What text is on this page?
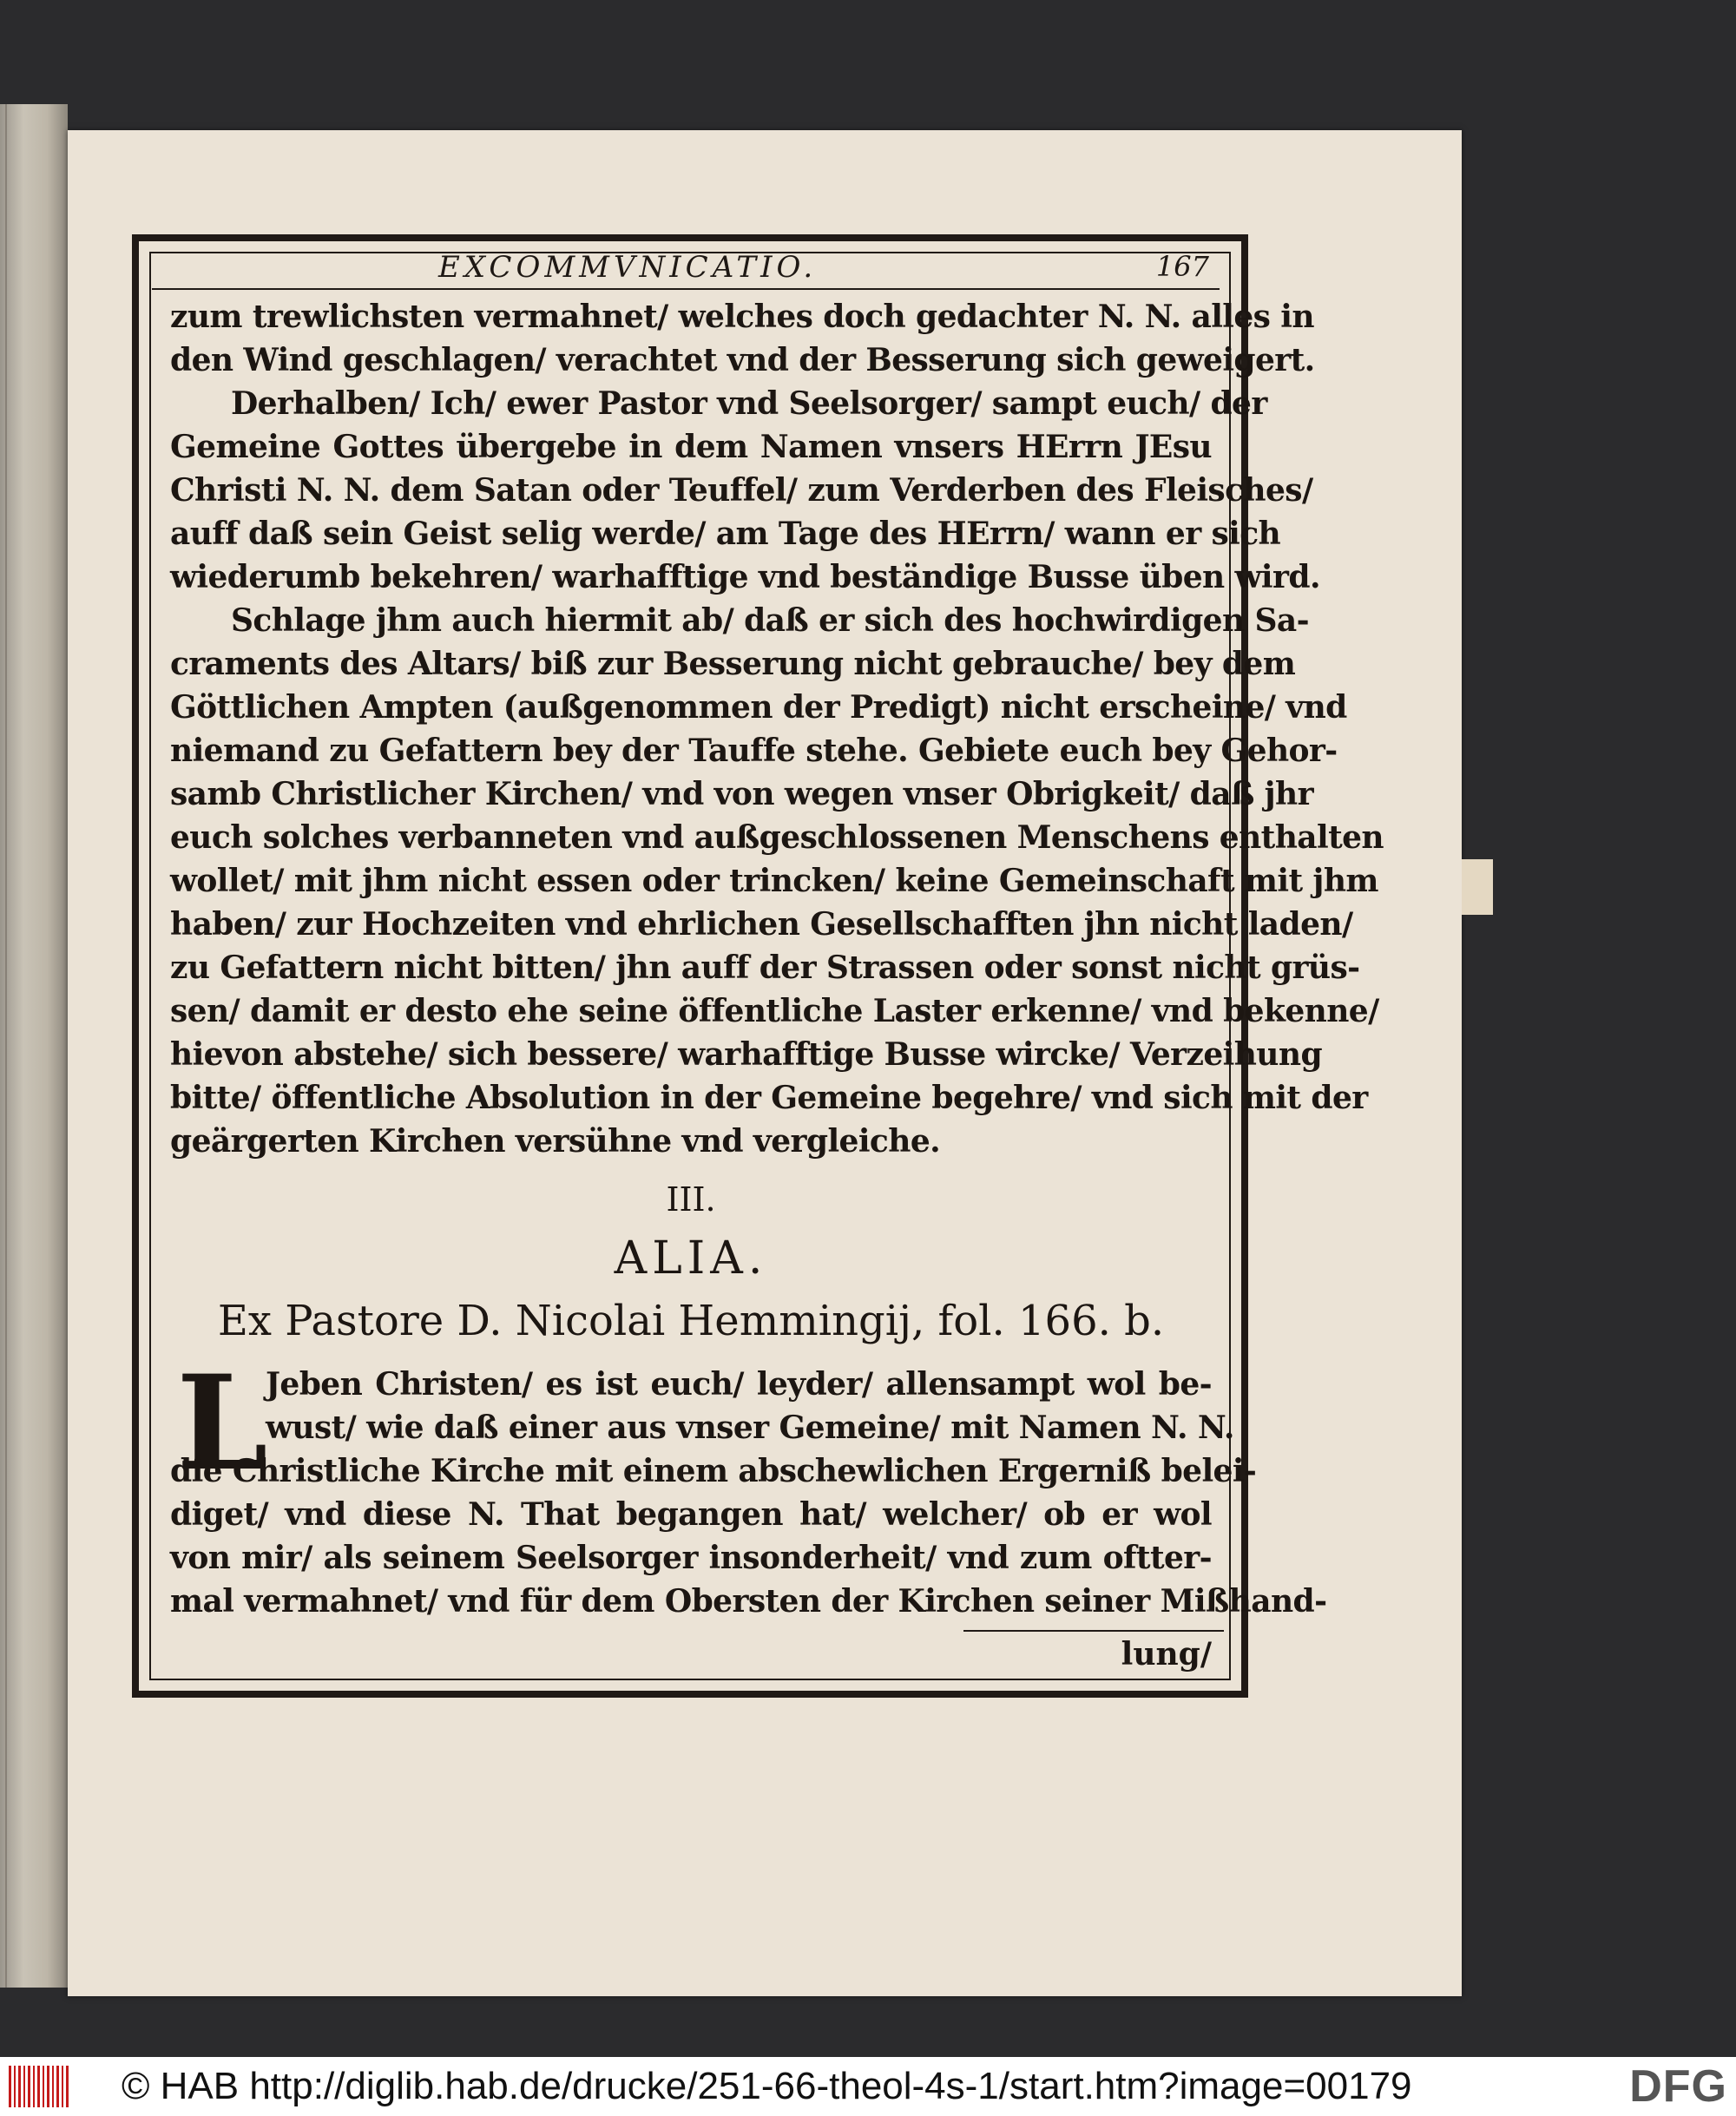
EXCOMMVNICATIO.	167
zum trewlichsten vermahnet/ welches doch gedachter N. N. alles in
den Wind geschlagen/ verachtet vnd der Besserung sich geweigert.
Derhalben/ Ich/ ewer Pastor vnd Seelsorger/ sampt euch/ der
Gemeine Gottes übergebe in dem Namen vnsers HErrn JEsu
Christi N. N. dem Satan oder Teuffel/ zum Verderben des Fleisches/
auff daß sein Geist selig werde/ am Tage des HErrn/ wann er sich
wiederumb bekehren/ warhafftige vnd beständige Busse üben wird.
Schlage jhm auch hiermit ab/ daß er sich des hochwirdigen Sa-
craments des Altars/ biß zur Besserung nicht gebrauche/ bey dem
Göttlichen Ampten (außgenommen der Predigt) nicht erscheine/ vnd
niemand zu Gefattern bey der Tauffe stehe. Gebiete euch bey Gehor-
samb Christlicher Kirchen/ vnd von wegen vnser Obrigkeit/ daß jhr
euch solches verbanneten vnd außgeschlossenen Menschens enthalten
wollet/ mit jhm nicht essen oder trincken/ keine Gemeinschaft mit jhm
haben/ zur Hochzeiten vnd ehrlichen Gesellschafften jhn nicht laden/
zu Gefattern nicht bitten/ jhn auff der Strassen oder sonst nicht grüs-
sen/ damit er desto ehe seine öffentliche Laster erkenne/ vnd bekenne/
hievon abstehe/ sich bessere/ warhafftige Busse wircke/ Verzeihung
bitte/ öffentliche Absolution in der Gemeine begehre/ vnd sich mit der
geärgerten Kirchen versühne vnd vergleiche.
III.
ALIA.
Ex Pastore D. Nicolai Hemmingij, fol. 166. b.
L
Jeben Christen/ es ist euch/ leyder/ allensampt wol be-
wust/ wie daß einer aus vnser Gemeine/ mit Namen N. N.
die Christliche Kirche mit einem abschewlichen Ergerniß belei-
diget/ vnd diese N. That begangen hat/ welcher/ ob er wol
von mir/ als seinem Seelsorger insonderheit/ vnd zum oftter-
mal vermahnet/ vnd für dem Obersten der Kirchen seiner Mißhand-
lung/
© HAB http://diglib.hab.de/drucke/251-66-theol-4s-1/start.htm?image=00179	DFG
